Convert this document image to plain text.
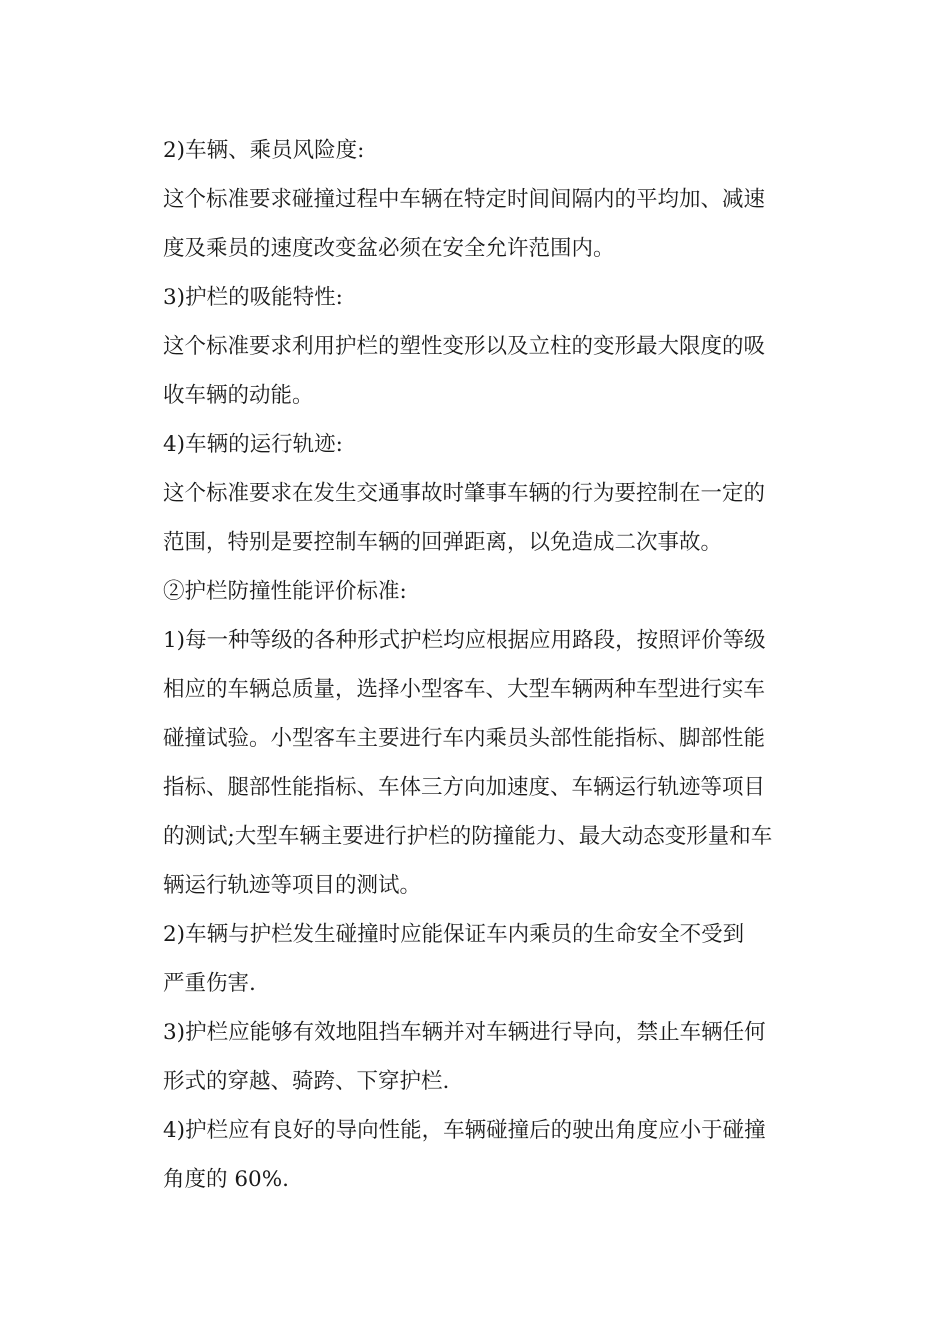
2)车辆、乘员风险度:

这个标准要求碰撞过程中车辆在特定时间间隔内的平均加、减速
度及乘员的速度改变盆必须在安全允许范围内。

3)护栏的吸能特性:

这个标准要求利用护栏的塑性变形以及立柱的变形最大限度的吸
收车辆的动能。

4)车辆的运行轨迹:

这个标准要求在发生交通事故时肇事车辆的行为要控制在一定的
范围，特别是要控制车辆的回弹距离，以免造成二次事故。

②护栏防撞性能评价标准:

1)每一种等级的各种形式护栏均应根据应用路段，按照评价等级
相应的车辆总质量，选择小型客车、大型车辆两种车型进行实车
碰撞试验。小型客车主要进行车内乘员头部性能指标、脚部性能
指标、腿部性能指标、车体三方向加速度、车辆运行轨迹等项目
的测试;大型车辆主要进行护栏的防撞能力、最大动态变形量和车
辆运行轨迹等项目的测试。

2)车辆与护栏发生碰撞时应能保证车内乘员的生命安全不受到
严重伤害.

3)护栏应能够有效地阻挡车辆并对车辆进行导向，禁止车辆任何
形式的穿越、骑跨、下穿护栏.

4)护栏应有良好的导向性能，车辆碰撞后的驶出角度应小于碰撞
角度的 60%.
